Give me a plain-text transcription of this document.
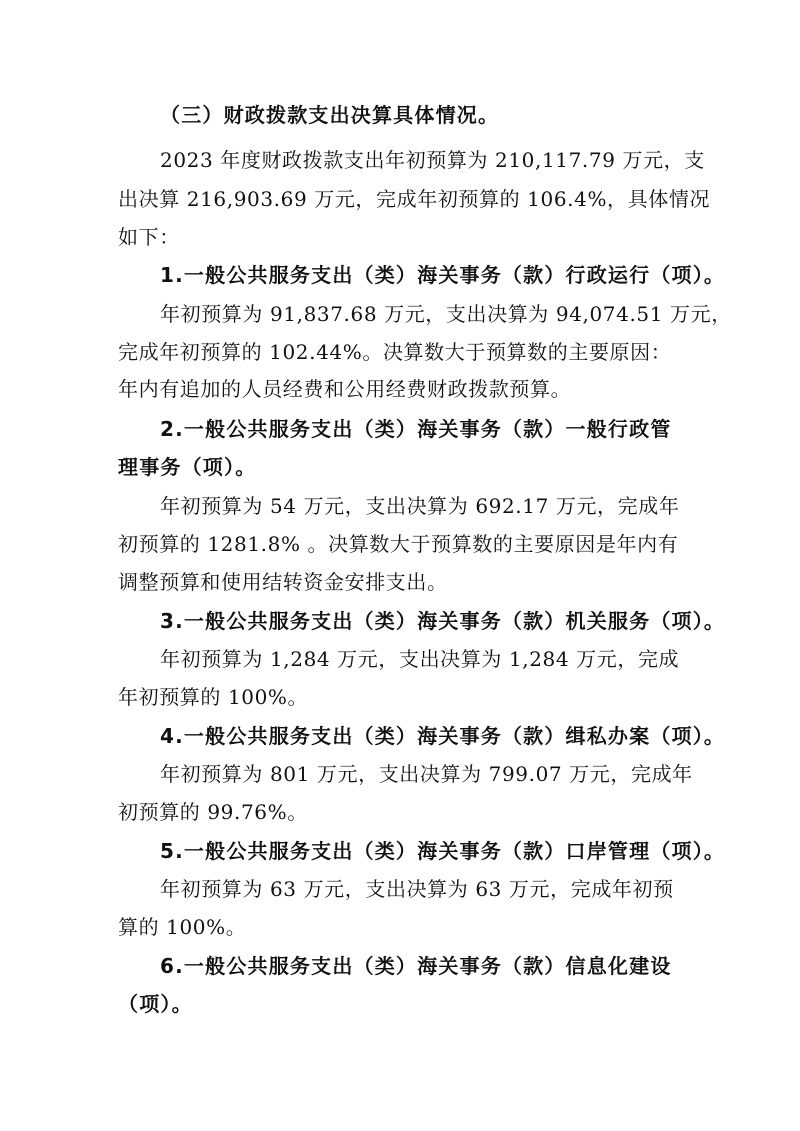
（三）财政拨款支出决算具体情况。
2023 年度财政拨款支出年初预算为 210,117.79 万元，支
出决算 216,903.69 万元，完成年初预算的 106.4%，具体情况
如下：
1.一般公共服务支出（类）海关事务（款）行政运行（项）。
年初预算为 91,837.68 万元，支出决算为 94,074.51 万元，
完成年初预算的 102.44%。决算数大于预算数的主要原因：
年内有追加的人员经费和公用经费财政拨款预算。
2.一般公共服务支出（类）海关事务（款）一般行政管
理事务（项）。
年初预算为 54 万元，支出决算为 692.17 万元，完成年
初预算的 1281.8% 。决算数大于预算数的主要原因是年内有
调整预算和使用结转资金安排支出。
3.一般公共服务支出（类）海关事务（款）机关服务（项）。
年初预算为 1,284 万元，支出决算为 1,284 万元，完成
年初预算的 100%。
4.一般公共服务支出（类）海关事务（款）缉私办案（项）。
年初预算为 801 万元，支出决算为 799.07 万元，完成年
初预算的 99.76%。
5.一般公共服务支出（类）海关事务（款）口岸管理（项）。
年初预算为 63 万元，支出决算为 63 万元，完成年初预
算的 100%。
6.一般公共服务支出（类）海关事务（款）信息化建设
（项）。
